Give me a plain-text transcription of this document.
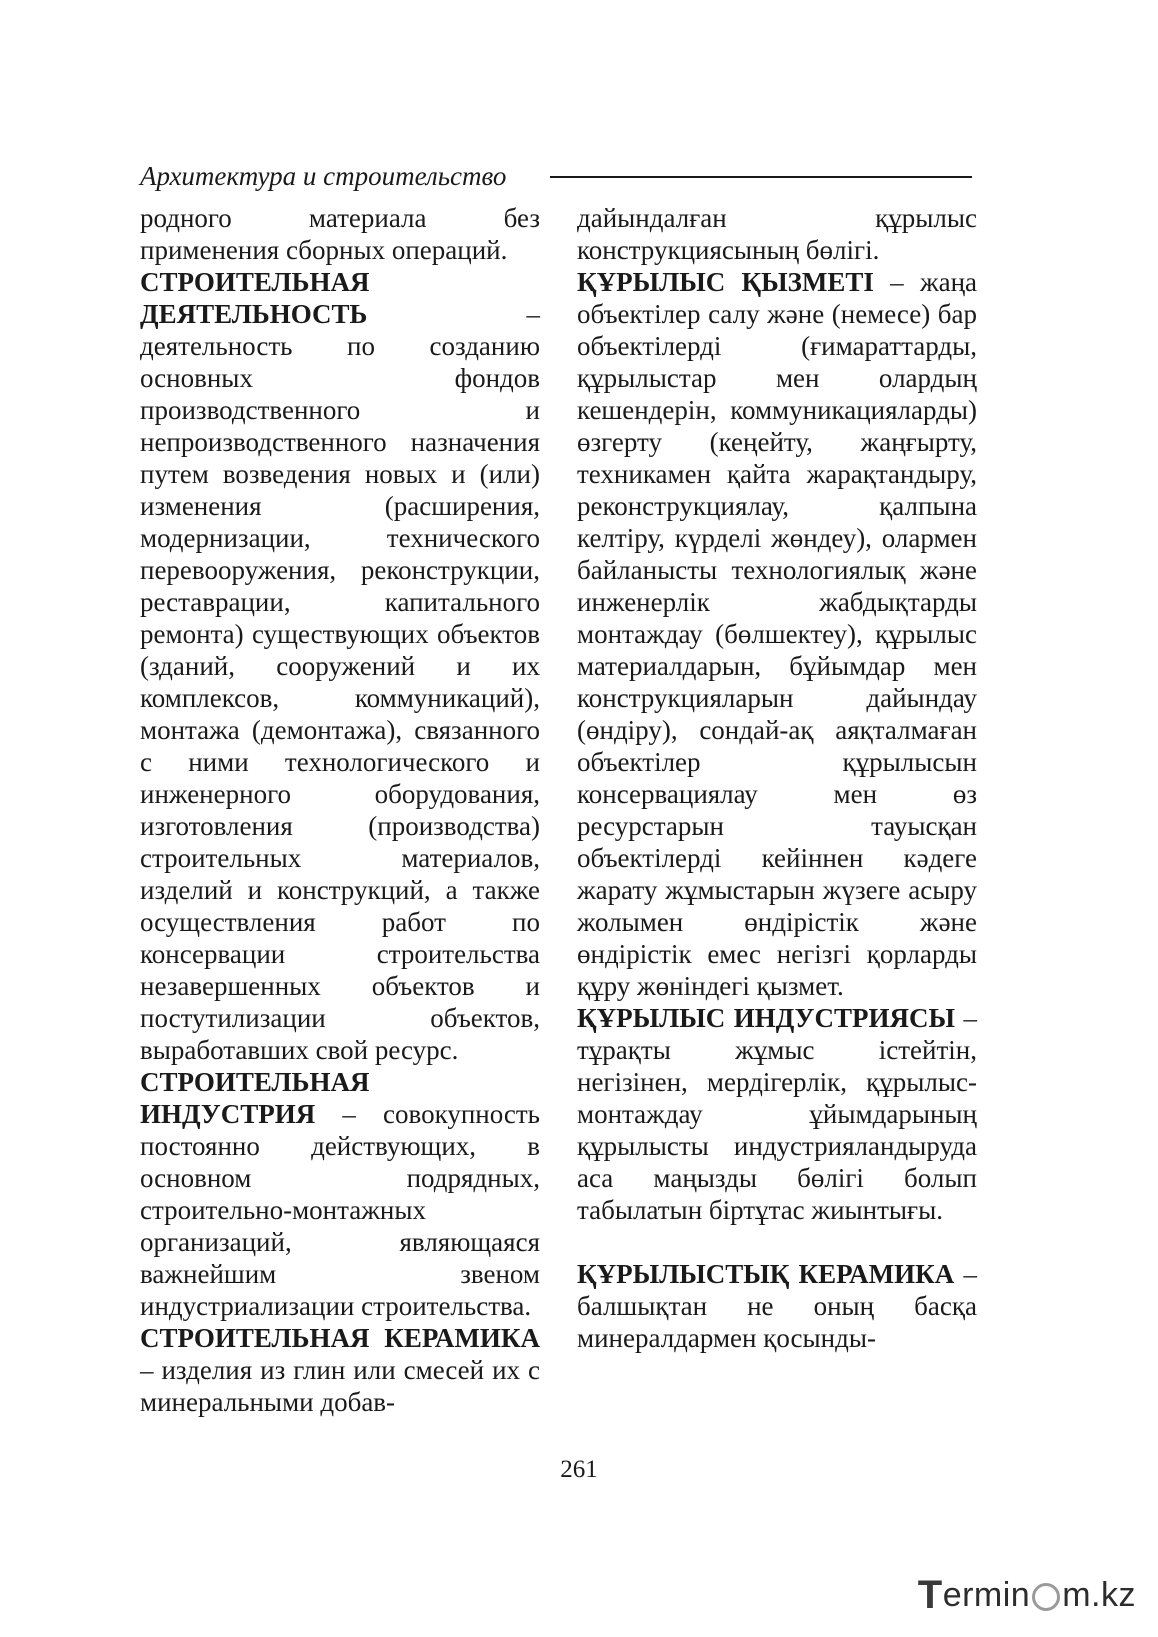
Архитектура и строительство

родного материала без применения сборных операций.

СТРОИТЕЛЬНАЯ ДЕЯТЕЛЬНОСТЬ	– деятельность по созданию основных фондов производственного и непроизводственного назначения путем возведения новых и (или) изменения (расширения, модернизации, технического перевооружения, реконструкции, реставрации, капитального ремонта) существующих объектов (зданий, сооружений и их комплексов, коммуникаций), монтажа (демонтажа), связанного с ними технологического и инженерного оборудования, изготовления (производства) строительных материалов, изделий и конструкций, а также осуществления работ по консервации строительства незавершенных объектов и постутилизации объектов, выработавших свой ресурс.

СТРОИТЕЛЬНАЯ ИНДУСТРИЯ – совокупность постоянно действующих, в основном подрядных, строительно-монтажных организаций, являющаяся важнейшим звеном индустриализации строительства.

СТРОИТЕЛЬНАЯ КЕРАМИКА – изделия из глин или смесей их с минеральными добав-

дайындалған құрылыс конструкциясының бөлігі.

ҚҰРЫЛЫС ҚЫЗМЕТІ – жаңа объектілер салу және (немесе) бар объектілерді (ғимараттарды, құрылыстар мен олардың кешендерін, коммуникацияларды) өзгерту (кеңейту, жаңғырту, техникамен қайта жарақтандыру, реконструкциялау, қалпына келтіру, күрделі жөндеу), олармен байланысты технологиялық және инженерлік жабдықтарды монтаждау (бөлшектеу), құрылыс материалдарын, бұйымдар мен конструкцияларын дайындау (өндіру), сондай-ақ аяқталмаған объектілер құрылысын консервациялау мен өз ресурстарын тауысқан объектілерді кейіннен кәдеге жарату жұмыстарын жүзеге асыру жолымен өндірістік және өндірістік емес негізгі қорларды құру жөніндегі қызмет.

ҚҰРЫЛЫС ИНДУСТРИЯСЫ – тұрақты жұмыс істейтін, негізінен, мердігерлік, құрылыс-монтаждау ұйымдарының құрылысты индустрияландыруда аса маңызды бөлігі болып табылатын біртұтас жиынтығы.

ҚҰРЫЛЫСТЫҚ КЕРАМИКА – балшықтан не оның басқа минералдармен қосынды-

261
T ermin m.kz
